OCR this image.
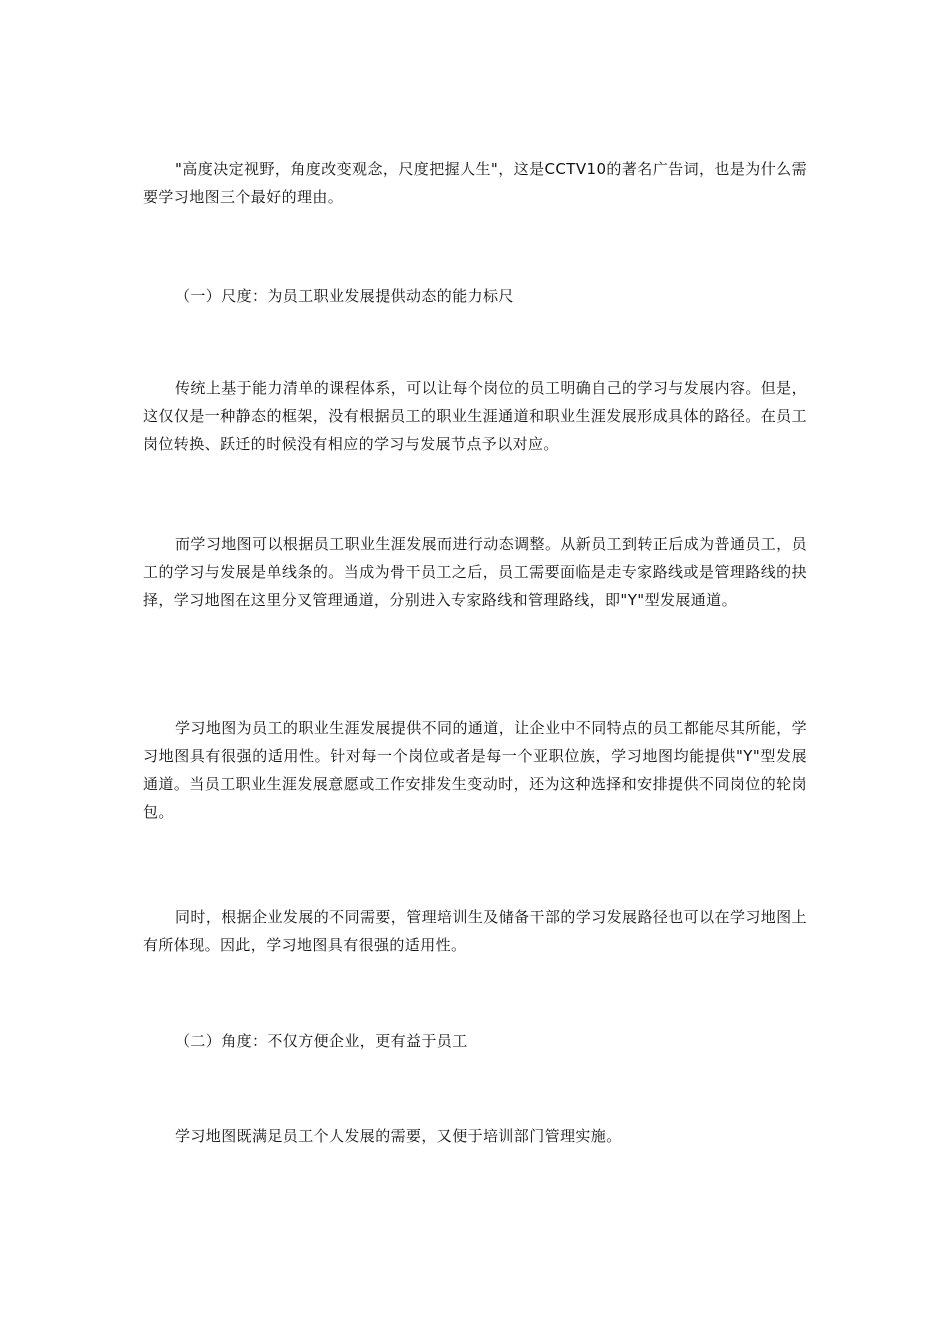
"高度决定视野，角度改变观念，尺度把握人生"，这是CCTV10的著名广告词，也是为什么需要学习地图三个最好的理由。

（一）尺度：为员工职业发展提供动态的能力标尺

传统上基于能力清单的课程体系，可以让每个岗位的员工明确自己的学习与发展内容。但是，这仅仅是一种静态的框架，没有根据员工的职业生涯通道和职业生涯发展形成具体的路径。在员工岗位转换、跃迁的时候没有相应的学习与发展节点予以对应。

而学习地图可以根据员工职业生涯发展而进行动态调整。从新员工到转正后成为普通员工，员工的学习与发展是单线条的。当成为骨干员工之后，员工需要面临是走专家路线或是管理路线的抉择，学习地图在这里分叉管理通道，分别进入专家路线和管理路线，即"Y"型发展通道。

学习地图为员工的职业生涯发展提供不同的通道，让企业中不同特点的员工都能尽其所能，学习地图具有很强的适用性。针对每一个岗位或者是每一个亚职位族，学习地图均能提供"Y"型发展通道。当员工职业生涯发展意愿或工作安排发生变动时，还为这种选择和安排提供不同岗位的轮岗包。

同时，根据企业发展的不同需要，管理培训生及储备干部的学习发展路径也可以在学习地图上有所体现。因此，学习地图具有很强的适用性。

（二）角度：不仅方便企业，更有益于员工

学习地图既满足员工个人发展的需要，又便于培训部门管理实施。
